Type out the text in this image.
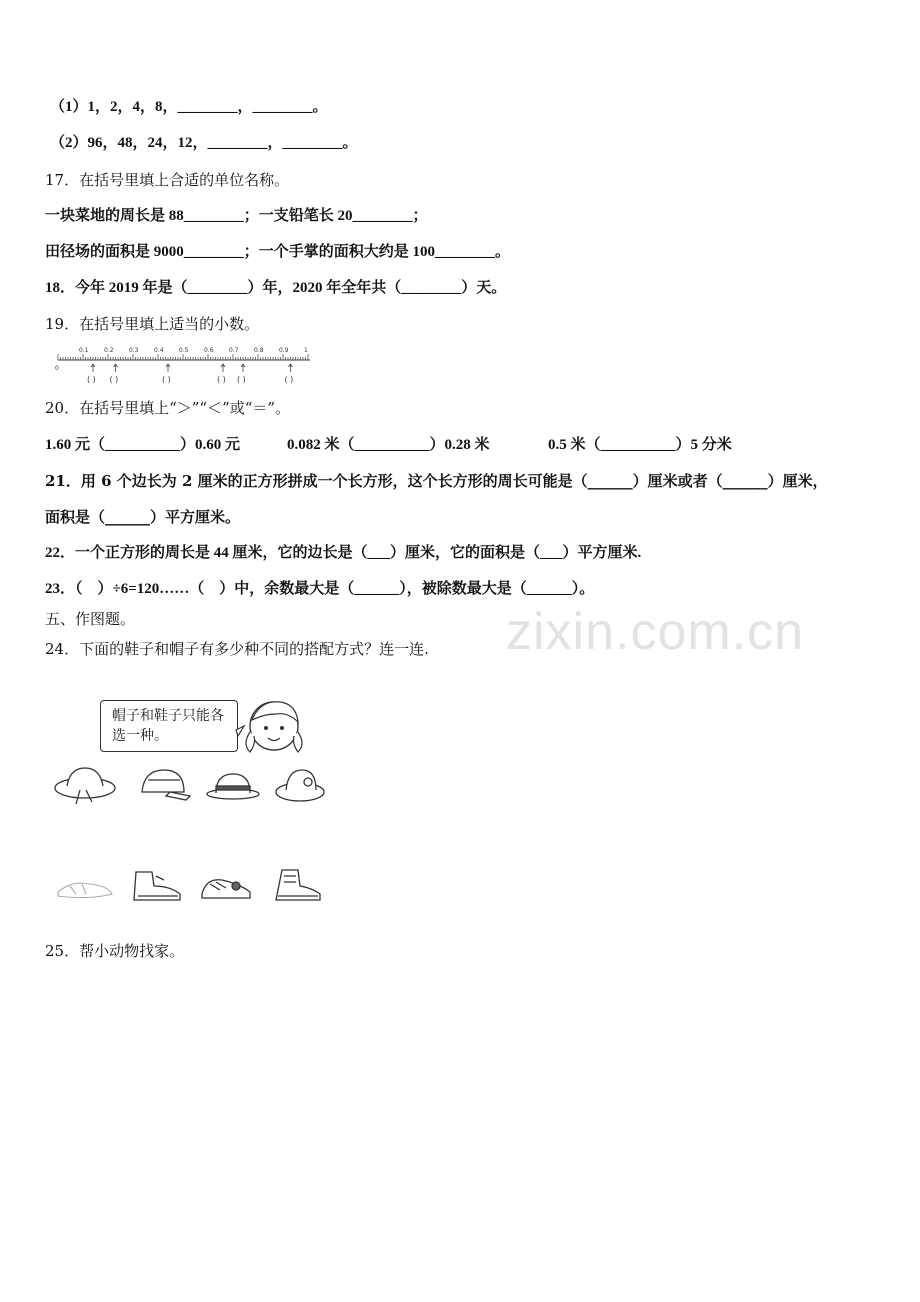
zixin.com.cn
（1）1，2，4，8，________，________。
（2）96，48，24，12，________，________。
17．在括号里填上合适的单位名称。
一块菜地的周长是 88________；一支铅笔长 20________；
田径场的面积是 9000________；一个手掌的面积大约是 100________。
18．今年 2019 年是（________）年，2020 年全年共（________）天。
19．在括号里填上适当的小数。
0
0.1	0.2	0.3	0.4	0.5	0.6	0.7	0.8	0.9	1
( ) ( )	( )	( ) ( )	( )
20．在括号里填上“＞”“＜”或“＝”。
1.60 元（__________）0.60 元	0.082 米（__________）0.28 米	0.5 米（__________）5 分米
21．用 6 个边长为 2 厘米的正方形拼成一个长方形，这个长方形的周长可能是（______）厘米或者（______）厘米，
面积是（______）平方厘米。
22．一个正方形的周长是 44 厘米，它的边长是（___）厘米，它的面积是（___）平方厘米.
23．（　）÷6=120……（　）中，余数最大是（______），被除数最大是（______）。
五、作图题。
24．下面的鞋子和帽子有多少种不同的搭配方式？连一连.
帽子和鞋子只能各选一种。
25．帮小动物找家。
